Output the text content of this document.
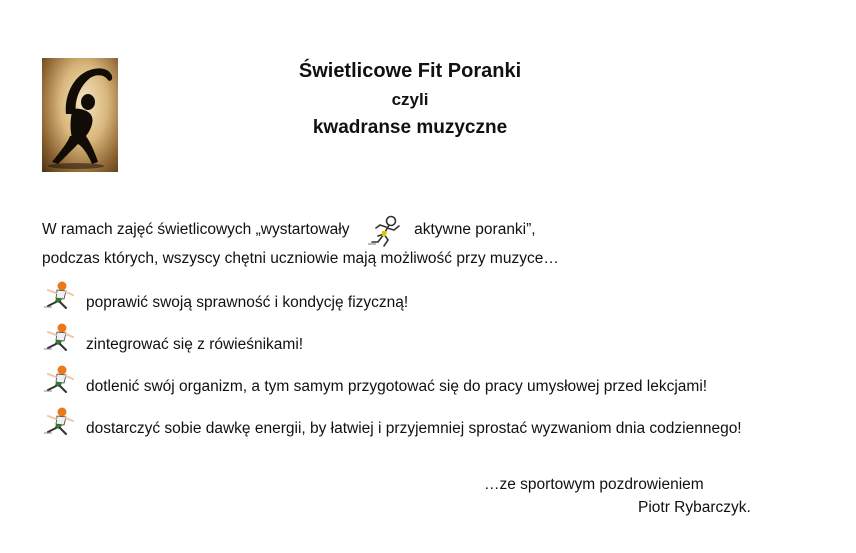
Świetlicowe Fit Poranki
czyli
kwadranse muzyczne
W ramach zajęć świetlicowych „wystartowały	aktywne poranki”,
podczas których, wszyscy chętni uczniowie mają możliwość przy muzyce…
poprawić swoją sprawność i kondycję fizyczną!
zintegrować się z rówieśnikami!
dotlenić swój organizm, a tym samym przygotować się do pracy umysłowej przed lekcjami!
dostarczyć sobie dawkę energii, by łatwiej i przyjemniej sprostać wyzwaniom dnia codziennego!
…ze sportowym pozdrowieniem
Piotr Rybarczyk.
